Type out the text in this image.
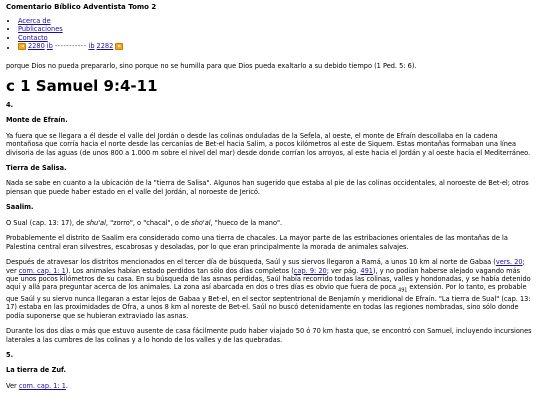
Comentario Bíblico Adventista Tomo 2
• Acerca de
• Publicaciones
• Contacto
• 2280 ib ----------- ib 2282

porque Dios no pueda prepararlo, sino porque no se humilla para que Dios pueda exaltarlo a su debido tiempo (1 Ped. 5: 6).

c 1 Samuel 9:4-11
4.
Monte de Efraín.

Ya fuera que se llegara a él desde el valle del Jordán o desde las colinas onduladas de la Sefela, al oeste, el monte de Efraín descollaba en la cadena montañosa que corría hacia el norte desde las cercanías de Bet-el hacia Salim, a pocos kilómetros al este de Siquem. Estas montañas formaban una línea divisoria de las aguas (de unos 800 a 1.000 m sobre el nivel del mar) desde donde corrían los arroyos, al este hacia el Jordán y al oeste hacia el Mediterráneo.

Tierra de Salisa.

Nada se sabe en cuanto a la ubicación de la "tierra de Salisa". Algunos han sugerido que estaba al pie de las colinas occidentales, al noroeste de Bet-el; otros piensan que puede haber estado en el valle del Jordán, al noroeste de Jericó.

Saalim.

O Sual (cap. 13: 17), de shu'al, "zorro", o "chacal", o de sho'al, "hueco de la mano".

Probablemente el distrito de Saalim era considerado como una tierra de chacales. La mayor parte de las estribaciones orientales de las montañas de la Palestina central eran silvestres, escabrosas y desoladas, por lo que eran principalmente la morada de animales salvajes.

Después de atravesar los distritos mencionados en el tercer día de búsqueda, Saúl y sus siervos llegaron a Ramá, a unos 10 km al norte de Gabaa (vers. 20; ver com. cap. 1: 1). Los animales habían estado perdidos tan sólo dos días completos (cap. 9: 20; ver pág. 491), y no podían haberse alejado vagando más que unos pocos kilómetros de su casa. En su búsqueda de las asnas perdidas, Saúl había recorrido todas las colinas, valles y hondonadas, y se había detenido aquí y allá para preguntar acerca de los animales. La zona así abarcada en dos o tres días es obvio que fuera de poca $_{491}$ extensión. Por lo tanto, es probable que Saúl y su siervo nunca llegaran a estar lejos de Gabaa y Bet-el, en el sector septentrional de Benjamín y meridional de Efraín. "La tierra de Sual" (cap. 13: 17) estaba en las proximidades de Ofra, a unos 8 km al noreste de Bet-el. Saúl no buscó detenidamente en todas las regiones nombradas, sino sólo donde podía suponerse que se hubieran extraviado las asnas.

Durante los dos días o más que estuvo ausente de casa fácilmente pudo haber viajado 50 ó 70 km hasta que, se encontró con Samuel, incluyendo incursiones laterales a las cumbres de las colinas y a lo hondo de los valles y de las quebradas.

5.
La tierra de Zuf.

Ver com. cap. 1: 1.
